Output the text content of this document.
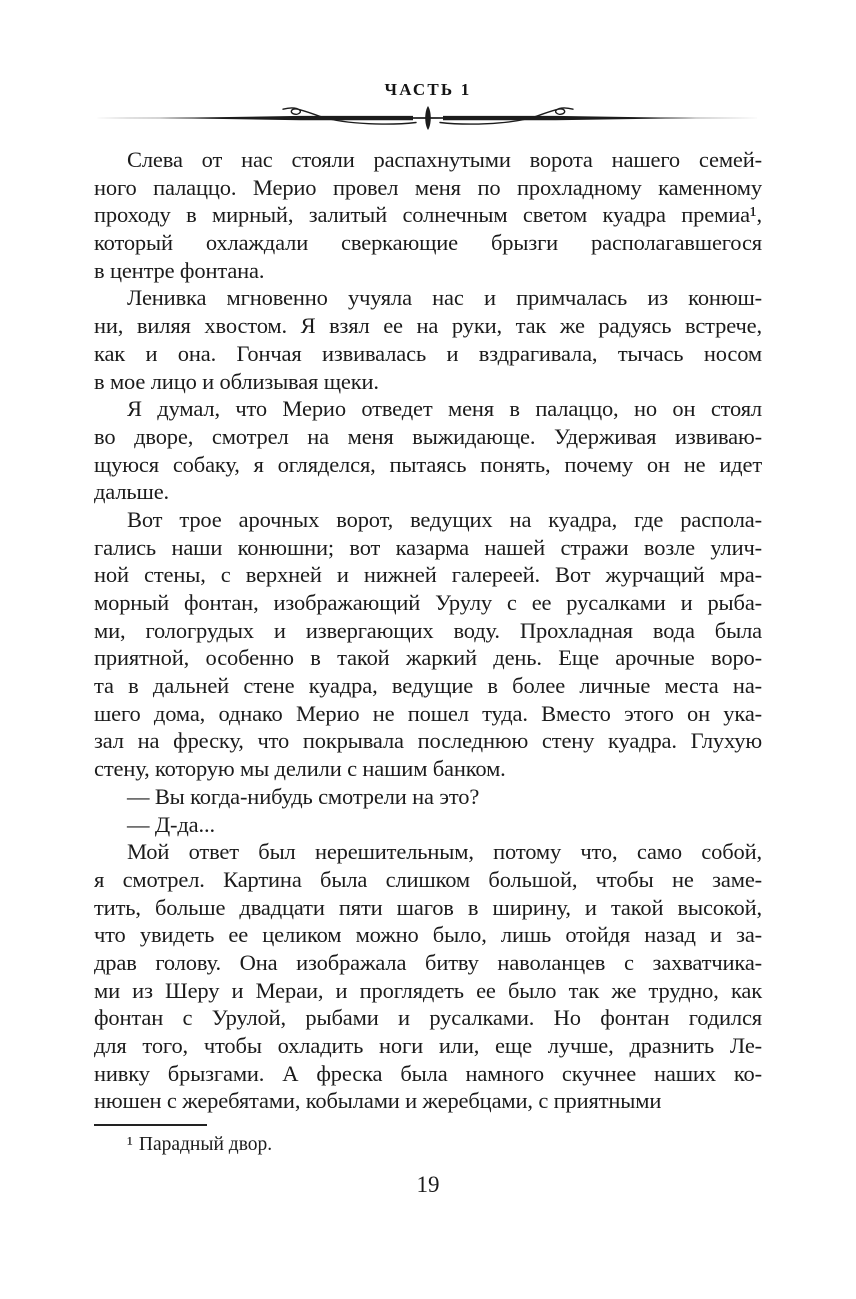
ЧАСТЬ 1
Слева от нас стояли распахнутыми ворота нашего семей-
ного палаццо. Мерио провел меня по прохладному каменному
проходу в мирный, залитый солнечным светом куадра премиа¹,
который охлаждали сверкающие брызги располагавшегося
в центре фонтана.
Ленивка мгновенно учуяла нас и примчалась из конюш-
ни, виляя хвостом. Я взял ее на руки, так же радуясь встрече,
как и она. Гончая извивалась и вздрагивала, тычась носом
в мое лицо и облизывая щеки.
Я думал, что Мерио отведет меня в палаццо, но он стоял
во дворе, смотрел на меня выжидающе. Удерживая извиваю-
щуюся собаку, я огляделся, пытаясь понять, почему он не идет
дальше.
Вот трое арочных ворот, ведущих на куадра, где распола-
гались наши конюшни; вот казарма нашей стражи возле улич-
ной стены, с верхней и нижней галереей. Вот журчащий мра-
морный фонтан, изображающий Урулу с ее русалками и рыба-
ми, гологрудых и извергающих воду. Прохладная вода была
приятной, особенно в такой жаркий день. Еще арочные воро-
та в дальней стене куадра, ведущие в более личные места на-
шего дома, однако Мерио не пошел туда. Вместо этого он ука-
зал на фреску, что покрывала последнюю стену куадра. Глухую
стену, которую мы делили с нашим банком.
— Вы когда-нибудь смотрели на это?
— Д-да...
Мой ответ был нерешительным, потому что, само собой,
я смотрел. Картина была слишком большой, чтобы не заме-
тить, больше двадцати пяти шагов в ширину, и такой высокой,
что увидеть ее целиком можно было, лишь отойдя назад и за-
драв голову. Она изображала битву наволанцев с захватчика-
ми из Шеру и Мераи, и проглядеть ее было так же трудно, как
фонтан с Урулой, рыбами и русалками. Но фонтан годился
для того, чтобы охладить ноги или, еще лучше, дразнить Ле-
нивку брызгами. А фреска была намного скучнее наших ко-
нюшен с жеребятами, кобылами и жеребцами, с приятными
¹ Парадный двор.
19
